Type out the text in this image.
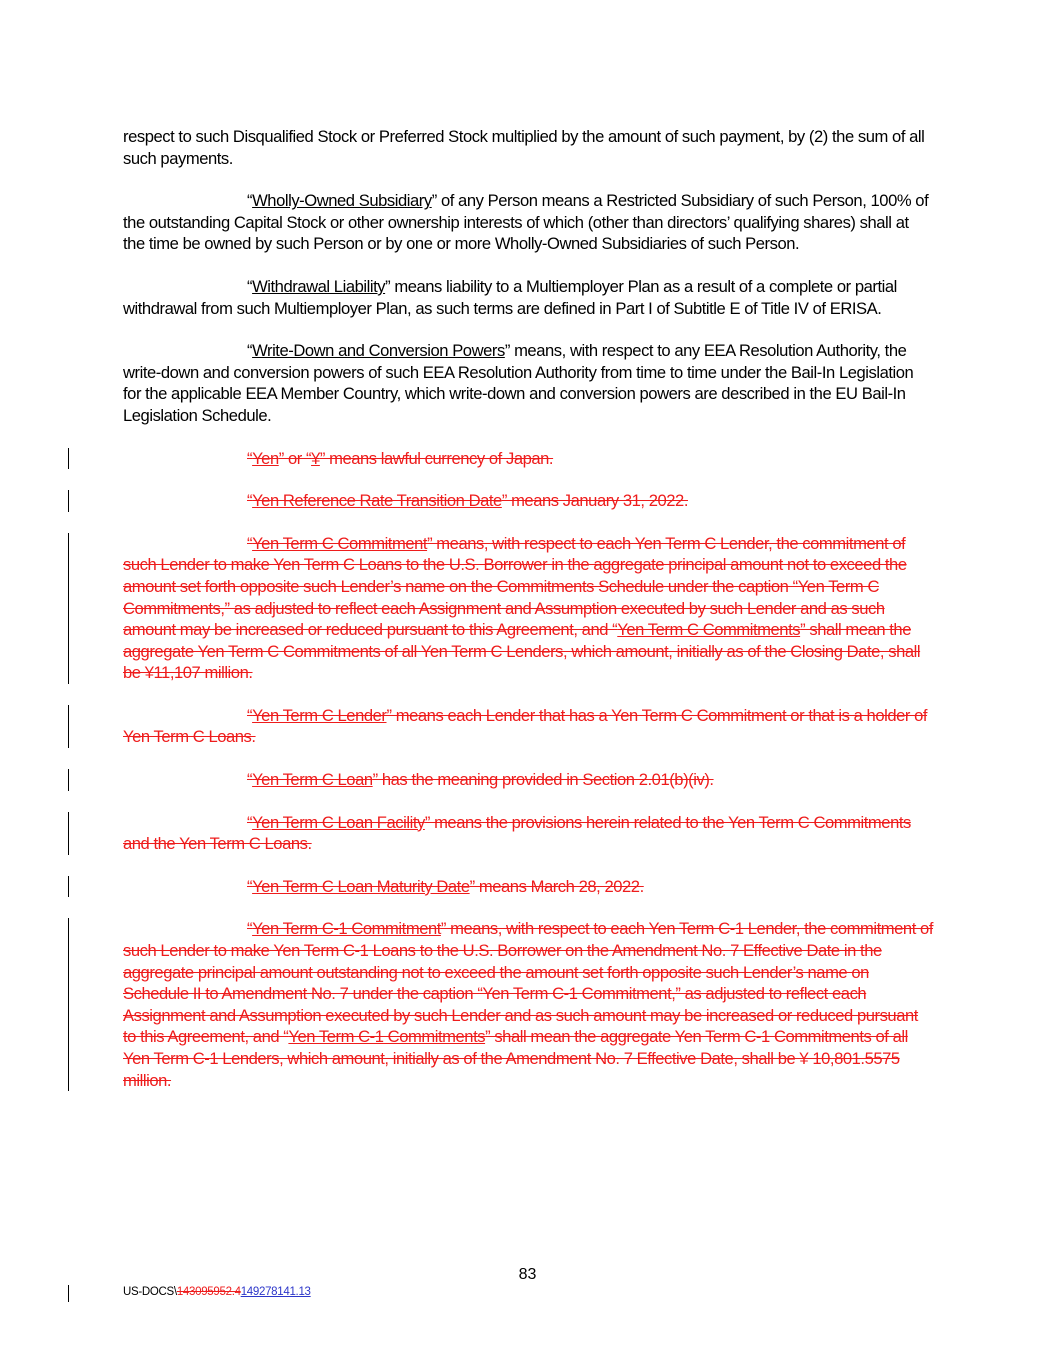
respect to such Disqualified Stock or Preferred Stock multiplied by the amount of such payment, by (2) the sum of all such payments.

“Wholly-Owned Subsidiary” of any Person means a Restricted Subsidiary of such Person, 100% of the outstanding Capital Stock or other ownership interests of which (other than directors’ qualifying shares) shall at the time be owned by such Person or by one or more Wholly-Owned Subsidiaries of such Person.

“Withdrawal Liability” means liability to a Multiemployer Plan as a result of a complete or partial withdrawal from such Multiemployer Plan, as such terms are defined in Part I of Subtitle E of Title IV of ERISA.

“Write-Down and Conversion Powers” means, with respect to any EEA Resolution Authority, the write-down and conversion powers of such EEA Resolution Authority from time to time under the Bail-In Legislation for the applicable EEA Member Country, which write-down and conversion powers are described in the EU Bail-In Legislation Schedule.

“Yen” or “¥” means lawful currency of Japan.

“Yen Reference Rate Transition Date” means January 31, 2022.

“Yen Term C Commitment” means, with respect to each Yen Term C Lender, the commitment of such Lender to make Yen Term C Loans to the U.S. Borrower in the aggregate principal amount not to exceed the amount set forth opposite such Lender’s name on the Commitments Schedule under the caption “Yen Term C Commitments,” as adjusted to reflect each Assignment and Assumption executed by such Lender and as such amount may be increased or reduced pursuant to this Agreement, and “Yen Term C Commitments” shall mean the aggregate Yen Term C Commitments of all Yen Term C Lenders, which amount, initially as of the Closing Date, shall be ¥11,107 million.

“Yen Term C Lender” means each Lender that has a Yen Term C Commitment or that is a holder of Yen Term C Loans.

“Yen Term C Loan” has the meaning provided in Section 2.01(b)(iv).

“Yen Term C Loan Facility” means the provisions herein related to the Yen Term C Commitments and the Yen Term C Loans.

“Yen Term C Loan Maturity Date” means March 28, 2022.

“Yen Term C-1 Commitment” means, with respect to each Yen Term C-1 Lender, the commitment of such Lender to make Yen Term C-1 Loans to the U.S. Borrower on the Amendment No. 7 Effective Date in the aggregate principal amount outstanding not to exceed the amount set forth opposite such Lender’s name on Schedule II to Amendment No. 7 under the caption “Yen Term C-1 Commitment,” as adjusted to reflect each Assignment and Assumption executed by such Lender and as such amount may be increased or reduced pursuant to this Agreement, and “Yen Term C-1 Commitments” shall mean the aggregate Yen Term C-1 Commitments of all Yen Term C-1 Lenders, which amount, initially as of the Amendment No. 7 Effective Date, shall be ¥ 10,801.5575 million.

83
US-DOCS\143095952.4149278141.13
